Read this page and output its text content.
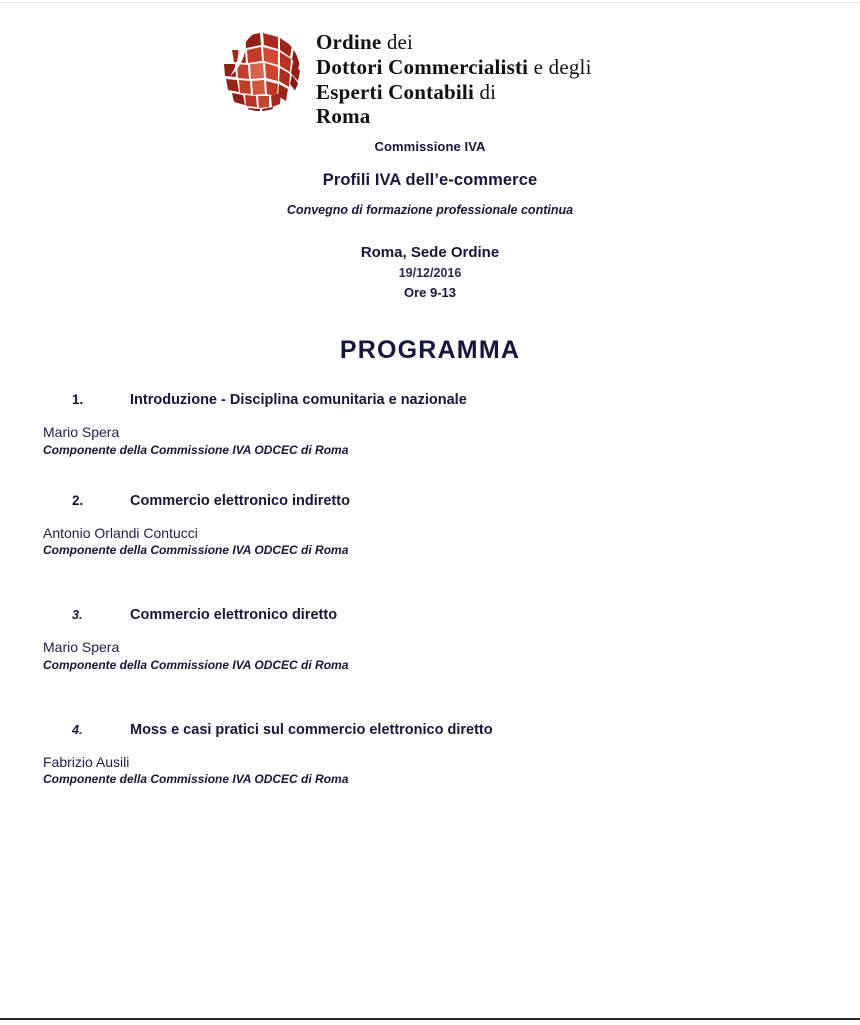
Ordine dei
Dottori Commercialisti e degli
Esperti Contabili di
Roma
Commissione IVA
Profili IVA dell’e-commerce
Convegno di formazione professionale continua
Roma, Sede Ordine
19/12/2016
Ore 9-13
PROGRAMMA
1.	Introduzione - Disciplina comunitaria e nazionale
Mario Spera
Componente della Commissione IVA ODCEC di Roma
2.	Commercio elettronico indiretto
Antonio Orlandi Contucci
Componente della Commissione IVA ODCEC di Roma
3.	Commercio elettronico diretto
Mario Spera
Componente della Commissione IVA ODCEC di Roma
4.	Moss e casi pratici sul commercio elettronico diretto
Fabrizio Ausili
Componente della Commissione IVA ODCEC di Roma
